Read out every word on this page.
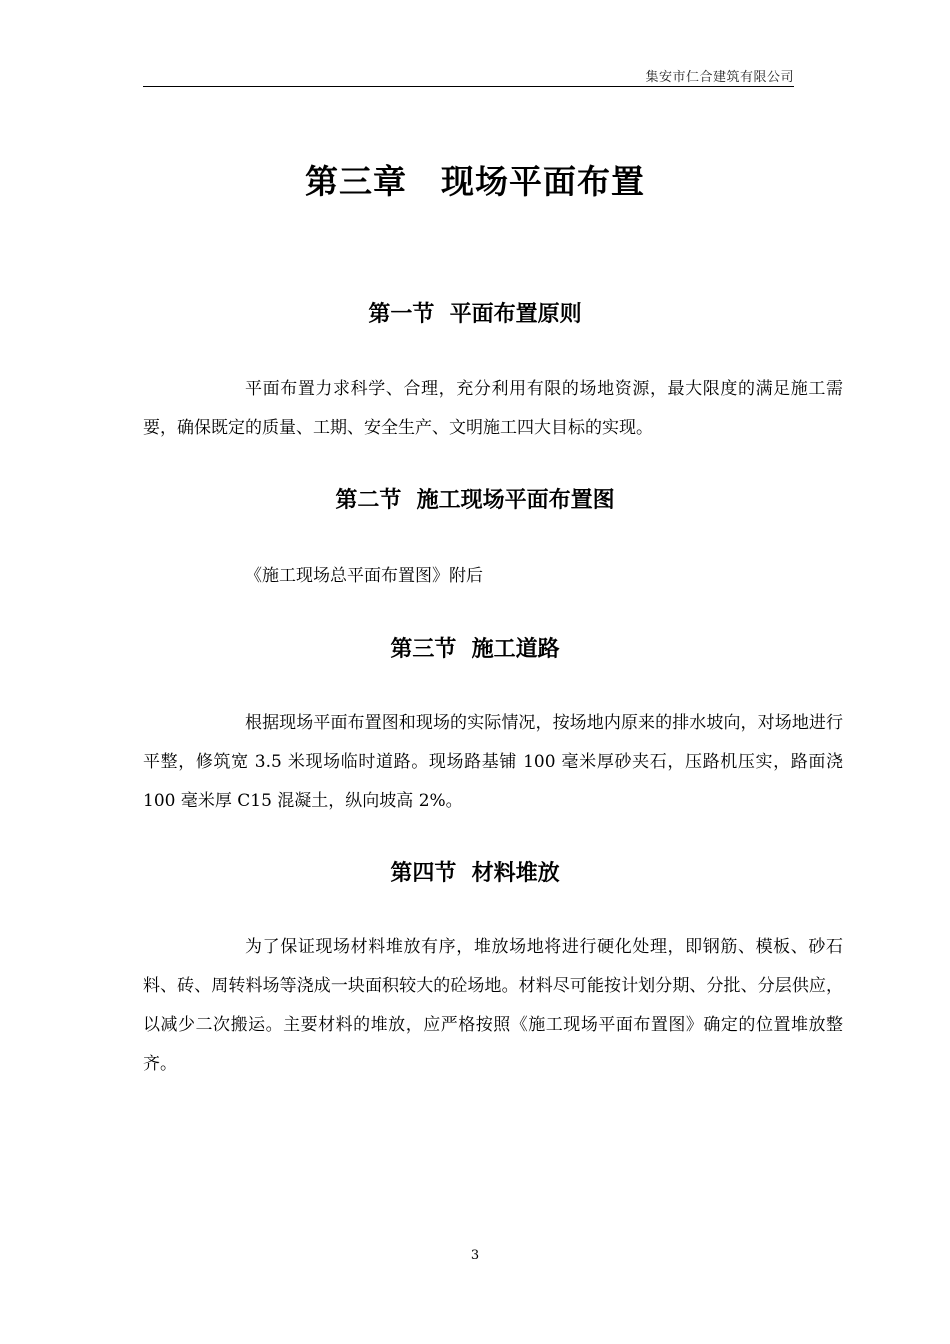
集安市仁合建筑有限公司
第三章　现场平面布置
第一节  平面布置原则
平面布置力求科学、合理，充分利用有限的场地资源，最大限度的满足施工需要，确保既定的质量、工期、安全生产、文明施工四大目标的实现。
第二节  施工现场平面布置图
《施工现场总平面布置图》附后
第三节  施工道路
根据现场平面布置图和现场的实际情况，按场地内原来的排水坡向，对场地进行平整，修筑宽 3.5 米现场临时道路。现场路基铺 100 毫米厚砂夹石，压路机压实，路面浇 100 毫米厚 C15 混凝土，纵向坡高 2%。
第四节  材料堆放
为了保证现场材料堆放有序，堆放场地将进行硬化处理，即钢筋、模板、砂石料、砖、周转料场等浇成一块面积较大的砼场地。材料尽可能按计划分期、分批、分层供应，以减少二次搬运。主要材料的堆放，应严格按照《施工现场平面布置图》确定的位置堆放整齐。
3
